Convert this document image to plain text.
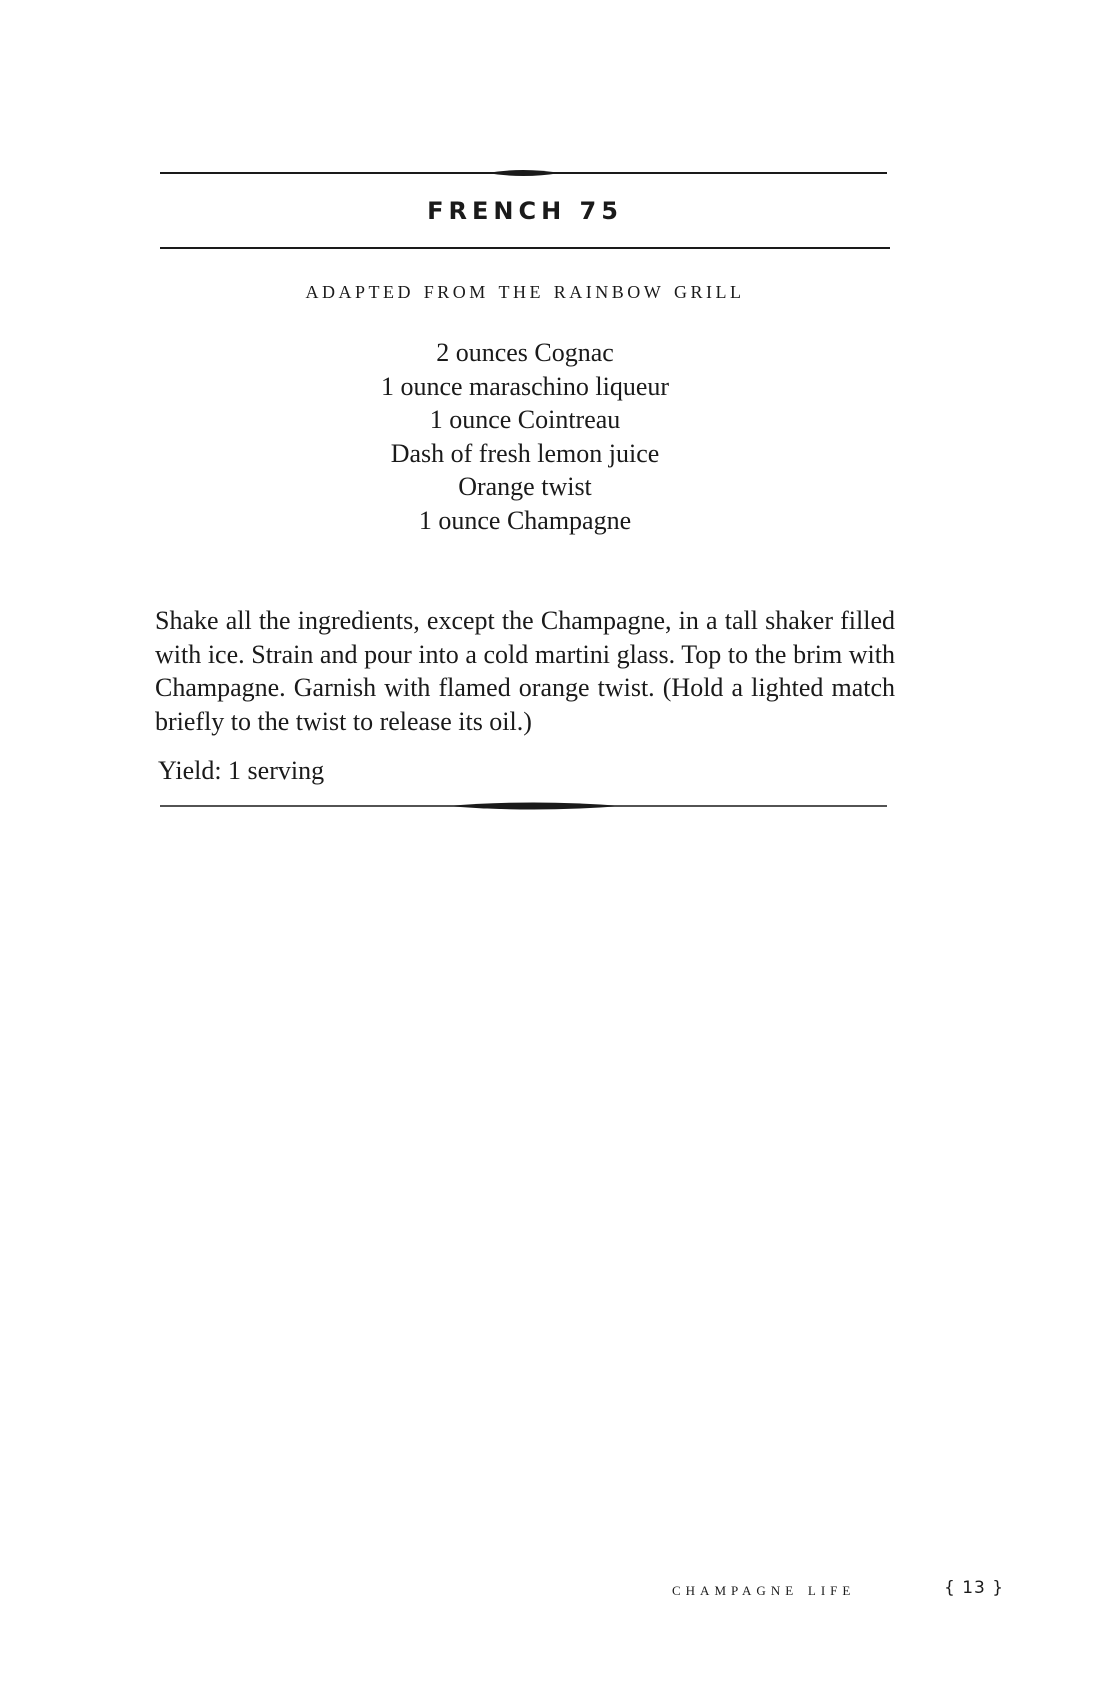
FRENCH 75
adapted from the rainbow grill
2 ounces Cognac
1 ounce maraschino liqueur
1 ounce Cointreau
Dash of fresh lemon juice
Orange twist
1 ounce Champagne

Shake all the ingredients, except the Champagne, in a tall shaker filled with ice. Strain and pour into a cold martini glass. Top to the brim with Champagne. Garnish with flamed orange twist. (Hold a lighted match briefly to the twist to release its oil.)

Yield: 1 serving
champagne life	{ 13 }
